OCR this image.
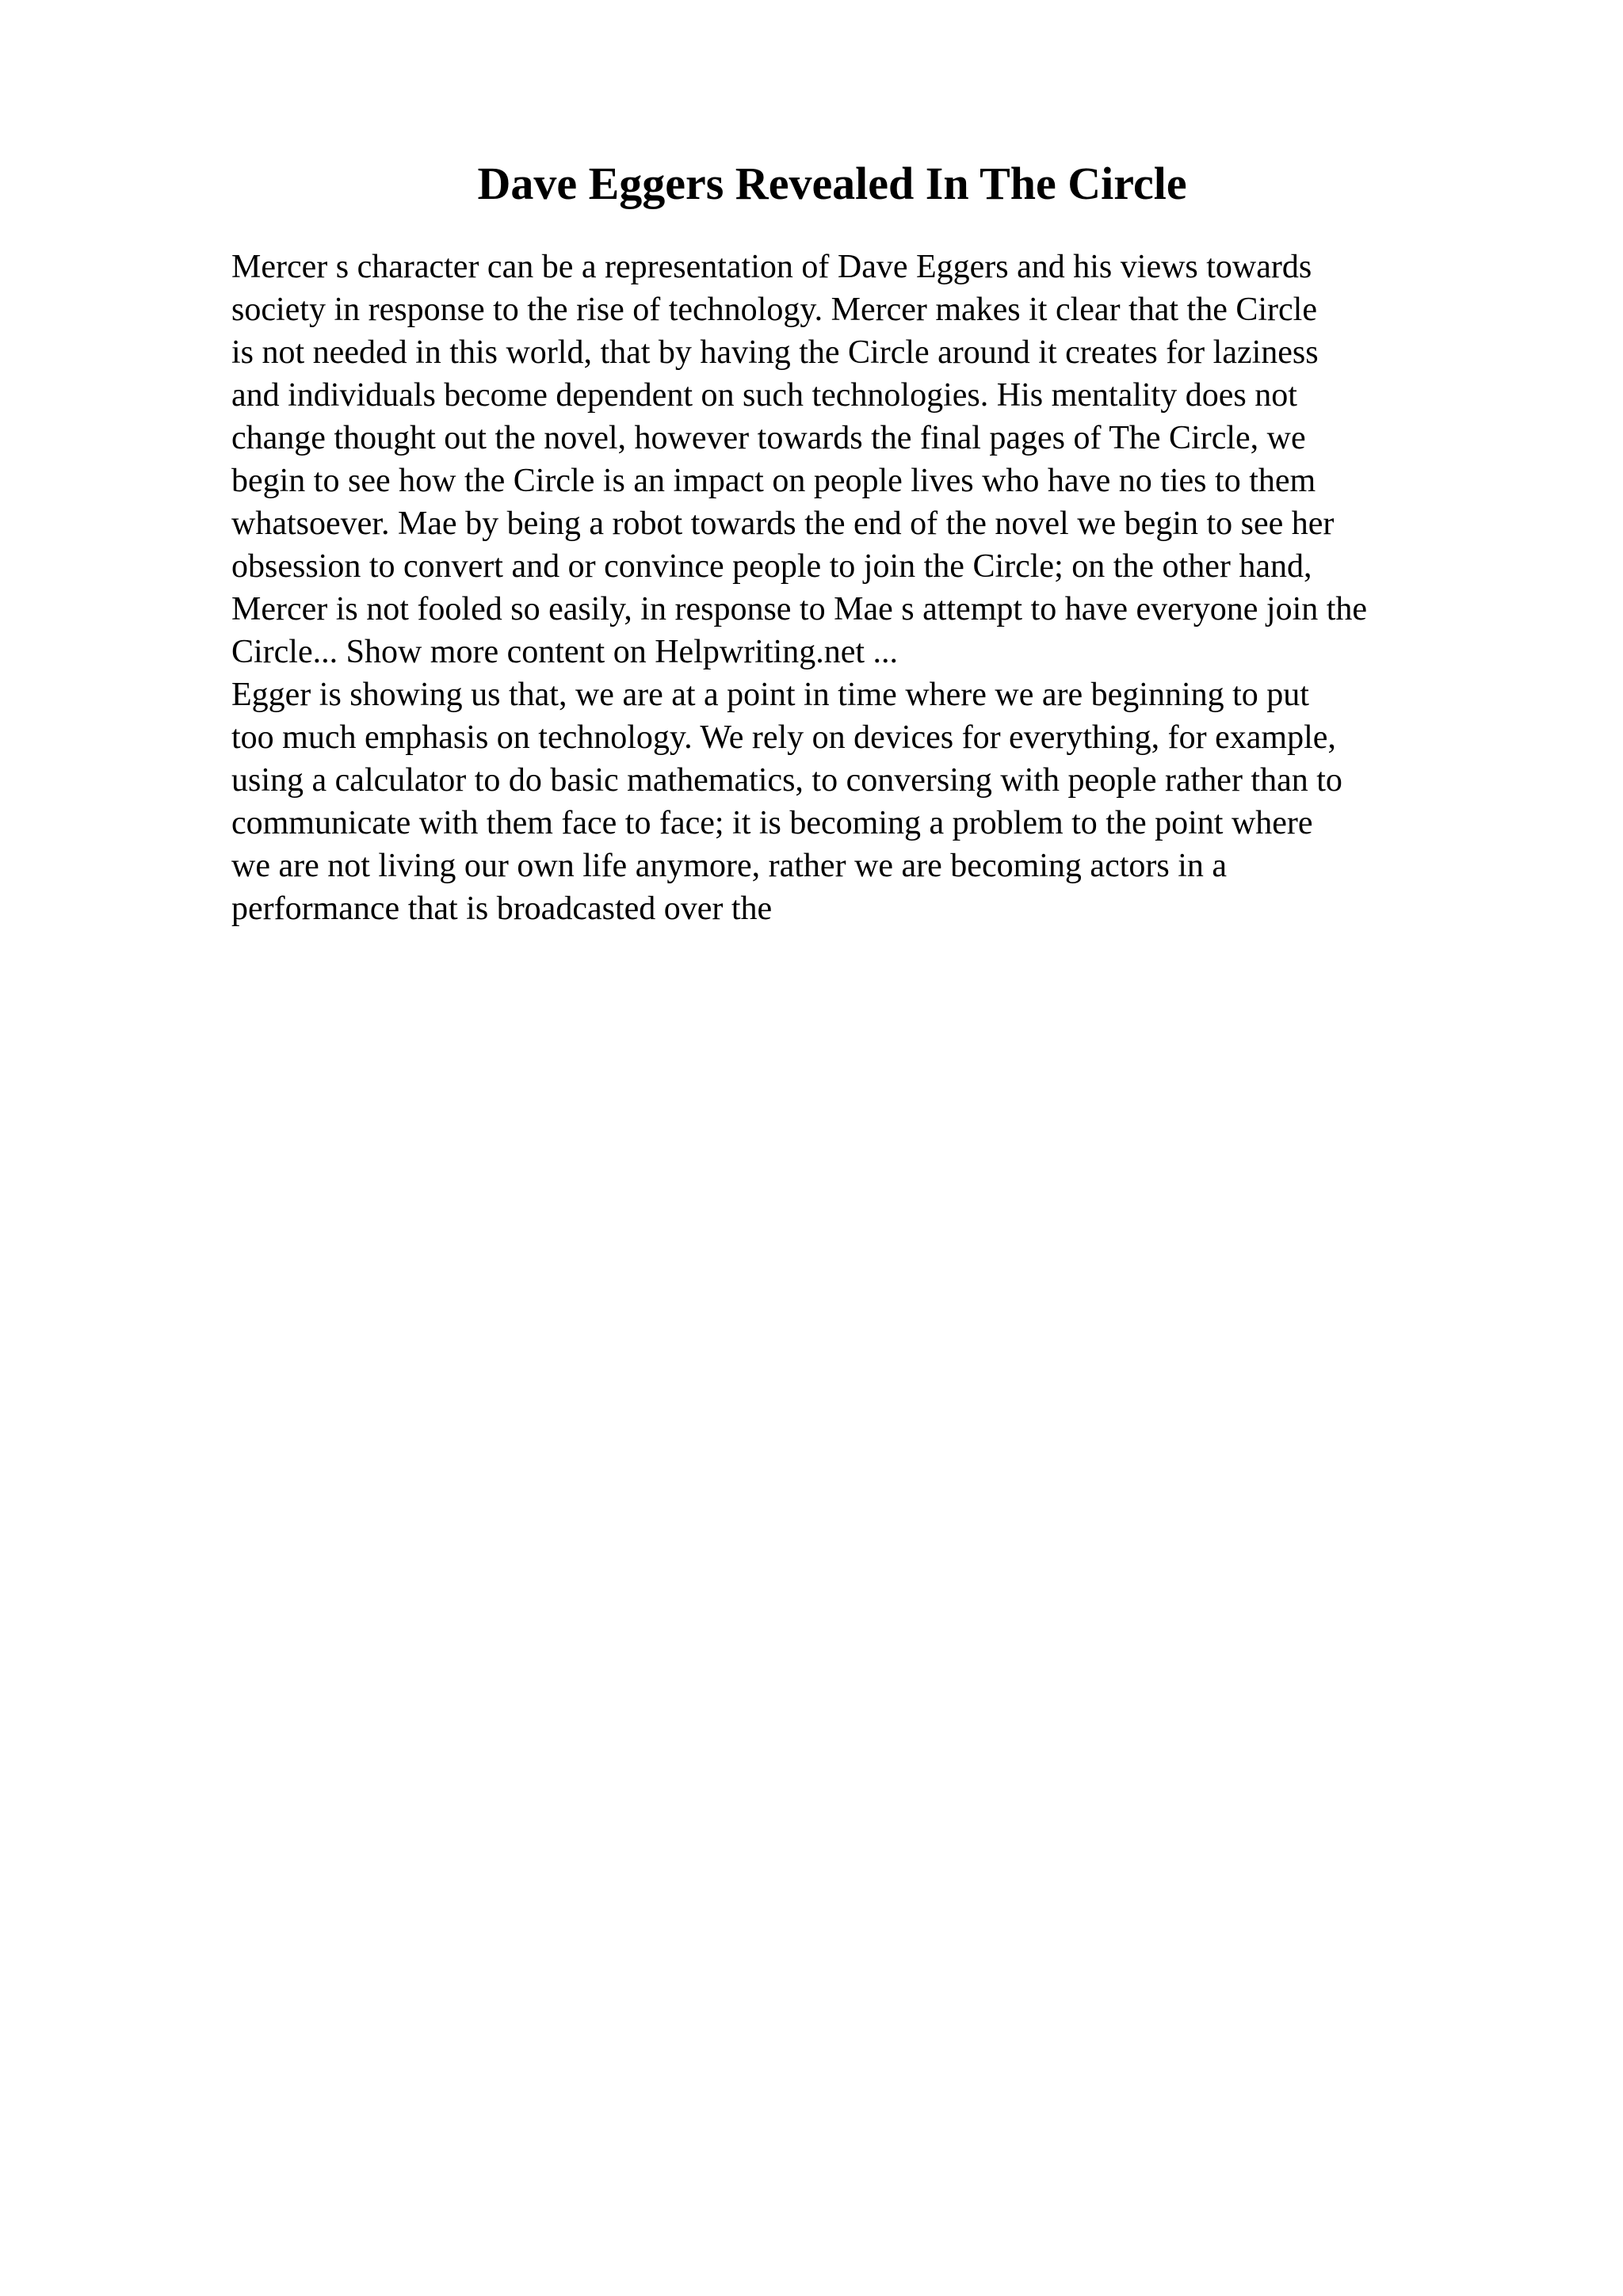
Dave Eggers Revealed In The Circle
Mercer s character can be a representation of Dave Eggers and his views towards
society in response to the rise of technology. Mercer makes it clear that the Circle
is not needed in this world, that by having the Circle around it creates for laziness
and individuals become dependent on such technologies. His mentality does not
change thought out the novel, however towards the final pages of The Circle, we
begin to see how the Circle is an impact on people lives who have no ties to them
whatsoever. Mae by being a robot towards the end of the novel we begin to see her
obsession to convert and or convince people to join the Circle; on the other hand,
Mercer is not fooled so easily, in response to Mae s attempt to have everyone join the
Circle... Show more content on Helpwriting.net ...
Egger is showing us that, we are at a point in time where we are beginning to put
too much emphasis on technology. We rely on devices for everything, for example,
using a calculator to do basic mathematics, to conversing with people rather than to
communicate with them face to face; it is becoming a problem to the point where
we are not living our own life anymore, rather we are becoming actors in a
performance that is broadcasted over the
